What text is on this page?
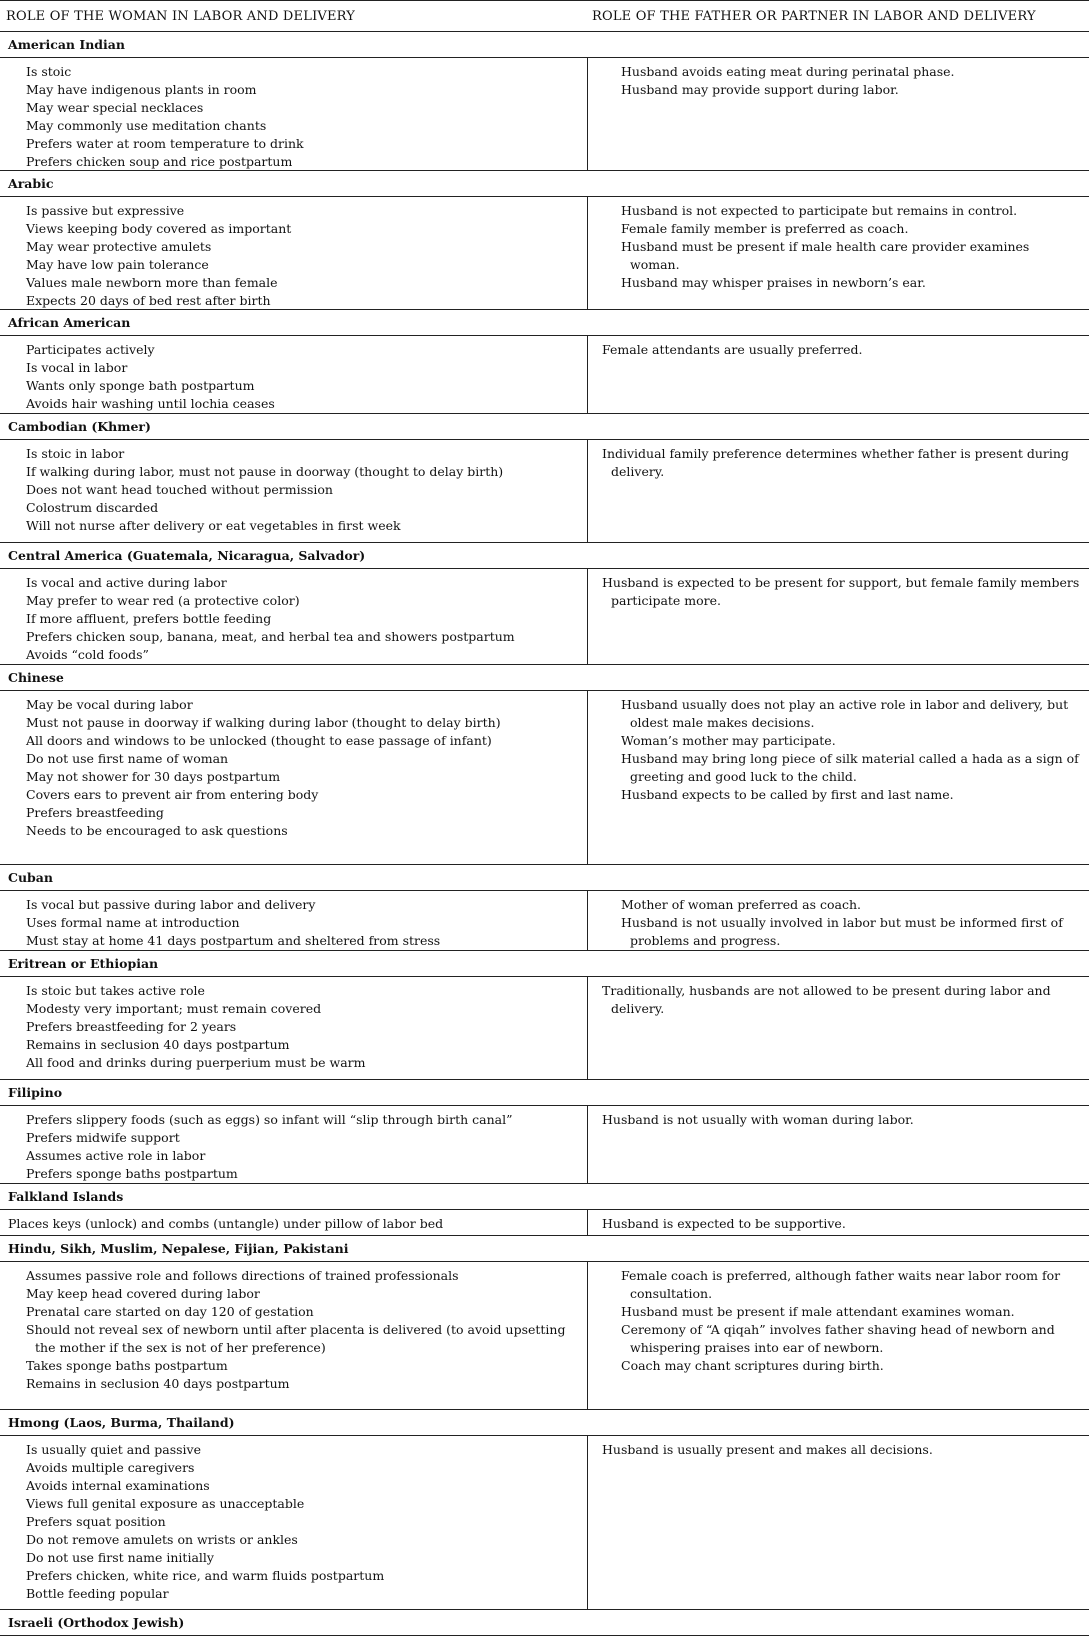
ROLE OF THE WOMAN IN LABOR AND DELIVERY	ROLE OF THE FATHER OR PARTNER IN LABOR AND DELIVERY
American Indian
Is stoic
May have indigenous plants in room
May wear special necklaces
May commonly use meditation chants
Prefers water at room temperature to drink
Prefers chicken soup and rice postpartum
Husband avoids eating meat during perinatal phase.
Husband may provide support during labor.
Arabic
Is passive but expressive
Views keeping body covered as important
May wear protective amulets
May have low pain tolerance
Values male newborn more than female
Expects 20 days of bed rest after birth
Husband is not expected to participate but remains in control.
Female family member is preferred as coach.
Husband must be present if male health care provider examines woman.
Husband may whisper praises in newborn’s ear.
African American
Participates actively
Is vocal in labor
Wants only sponge bath postpartum
Avoids hair washing until lochia ceases
Female attendants are usually preferred.
Cambodian (Khmer)
Is stoic in labor
If walking during labor, must not pause in doorway (thought to delay birth)
Does not want head touched without permission
Colostrum discarded
Will not nurse after delivery or eat vegetables in first week
Individual family preference determines whether father is present during delivery.
Central America (Guatemala, Nicaragua, Salvador)
Is vocal and active during labor
May prefer to wear red (a protective color)
If more affluent, prefers bottle feeding
Prefers chicken soup, banana, meat, and herbal tea and showers postpartum
Avoids “cold foods”
Husband is expected to be present for support, but female family members participate more.
Chinese
May be vocal during labor
Must not pause in doorway if walking during labor (thought to delay birth)
All doors and windows to be unlocked (thought to ease passage of infant)
Do not use first name of woman
May not shower for 30 days postpartum
Covers ears to prevent air from entering body
Prefers breastfeeding
Needs to be encouraged to ask questions
Husband usually does not play an active role in labor and delivery, but oldest male makes decisions.
Woman’s mother may participate.
Husband may bring long piece of silk material called a hada as a sign of greeting and good luck to the child.
Husband expects to be called by first and last name.
Cuban
Is vocal but passive during labor and delivery
Uses formal name at introduction
Must stay at home 41 days postpartum and sheltered from stress
Mother of woman preferred as coach.
Husband is not usually involved in labor but must be informed first of problems and progress.
Eritrean or Ethiopian
Is stoic but takes active role
Modesty very important; must remain covered
Prefers breastfeeding for 2 years
Remains in seclusion 40 days postpartum
All food and drinks during puerperium must be warm
Traditionally, husbands are not allowed to be present during labor and delivery.
Filipino
Prefers slippery foods (such as eggs) so infant will “slip through birth canal”
Prefers midwife support
Assumes active role in labor
Prefers sponge baths postpartum
Husband is not usually with woman during labor.
Falkland Islands
Places keys (unlock) and combs (untangle) under pillow of labor bed	Husband is expected to be supportive.
Hindu, Sikh, Muslim, Nepalese, Fijian, Pakistani
Assumes passive role and follows directions of trained professionals
May keep head covered during labor
Prenatal care started on day 120 of gestation
Should not reveal sex of newborn until after placenta is delivered (to avoid upsetting the mother if the sex is not of her preference)
Takes sponge baths postpartum
Remains in seclusion 40 days postpartum
Female coach is preferred, although father waits near labor room for consultation.
Husband must be present if male attendant examines woman.
Ceremony of “A qiqah” involves father shaving head of newborn and whispering praises into ear of newborn.
Coach may chant scriptures during birth.
Hmong (Laos, Burma, Thailand)
Is usually quiet and passive
Avoids multiple caregivers
Avoids internal examinations
Views full genital exposure as unacceptable
Prefers squat position
Do not remove amulets on wrists or ankles
Do not use first name initially
Prefers chicken, white rice, and warm fluids postpartum
Bottle feeding popular
Husband is usually present and makes all decisions.
Israeli (Orthodox Jewish)
